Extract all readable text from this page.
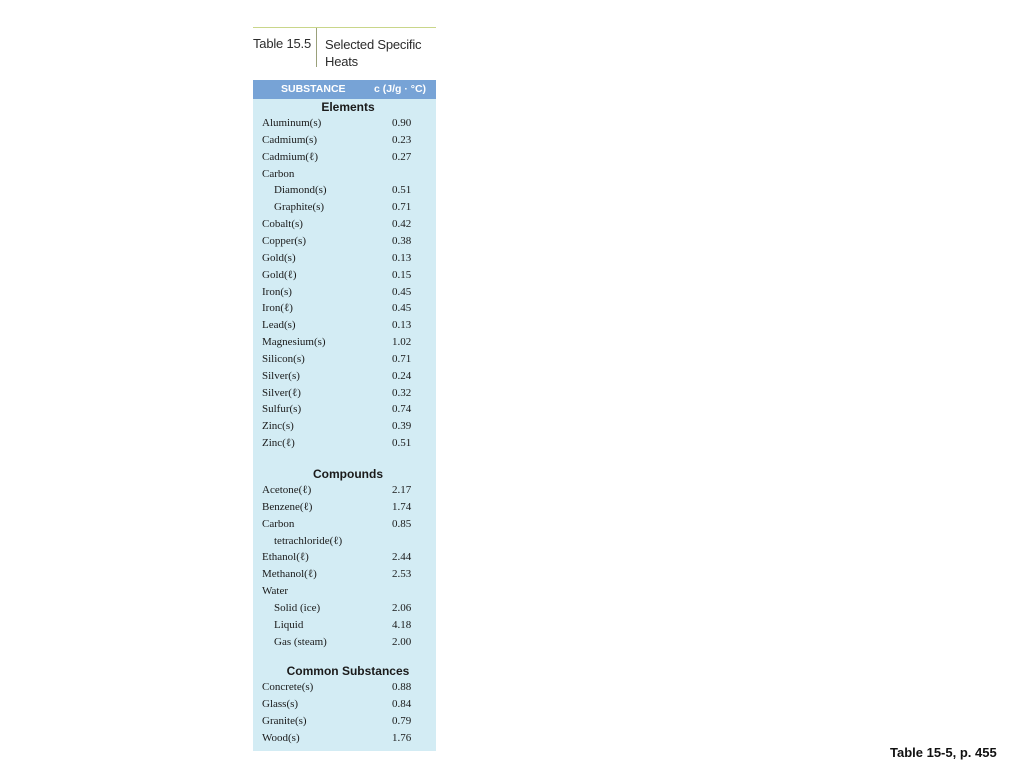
Table 15.5 Selected Specific Heats
SUBSTANCE	c (J/g · °C)
Elements
Aluminum(s)	0.90
Cadmium(s)	0.23
Cadmium(ℓ)	0.27
Carbon
Diamond(s)	0.51
Graphite(s)	0.71
Cobalt(s)	0.42
Copper(s)	0.38
Gold(s)	0.13
Gold(ℓ)	0.15
Iron(s)	0.45
Iron(ℓ)	0.45
Lead(s)	0.13
Magnesium(s)	1.02
Silicon(s)	0.71
Silver(s)	0.24
Silver(ℓ)	0.32
Sulfur(s)	0.74
Zinc(s)	0.39
Zinc(ℓ)	0.51
Compounds
Acetone(ℓ)	2.17
Benzene(ℓ)	1.74
Carbon	0.85
tetrachloride(ℓ)
Ethanol(ℓ)	2.44
Methanol(ℓ)	2.53
Water
Solid (ice)	2.06
Liquid	4.18
Gas (steam)	2.00
Common Substances
Concrete(s)	0.88
Glass(s)	0.84
Granite(s)	0.79
Wood(s)	1.76
Table 15-5, p. 455
